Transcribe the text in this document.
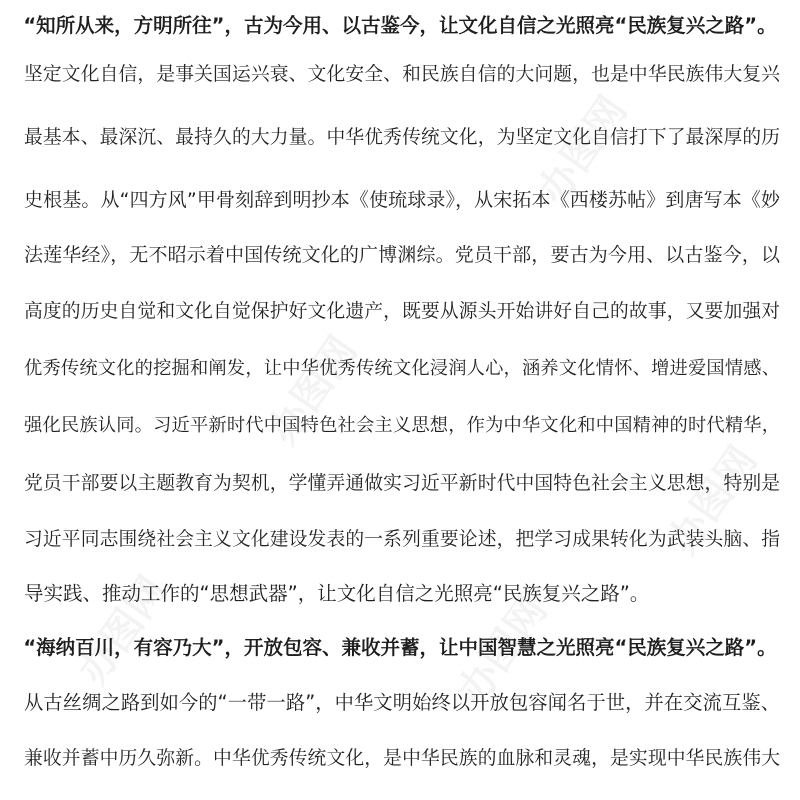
办图网
办图网
办图网
办图网	办图网
“知所从来，方明所往”，古为今用、以古鉴今，让文化自信之光照亮“民族复兴之路”。
坚定文化自信，是事关国运兴衰、文化安全、和民族自信的大问题，也是中华民族伟大复兴
最基本、最深沉、最持久的大力量。中华优秀传统文化，为坚定文化自信打下了最深厚的历
史根基。从“四方风”甲骨刻辞到明抄本《使琉球录》，从宋拓本《西楼苏帖》到唐写本《妙
法莲华经》，无不昭示着中国传统文化的广博渊综。党员干部，要古为今用、以古鉴今，以
高度的历史自觉和文化自觉保护好文化遗产，既要从源头开始讲好自己的故事，又要加强对
优秀传统文化的挖掘和阐发，让中华优秀传统文化浸润人心，涵养文化情怀、增进爱国情感、
强化民族认同。习近平新时代中国特色社会主义思想，作为中华文化和中国精神的时代精华，
党员干部要以主题教育为契机，学懂弄通做实习近平新时代中国特色社会主义思想，特别是
习近平同志围绕社会主义文化建设发表的一系列重要论述，把学习成果转化为武装头脑、指
导实践、推动工作的“思想武器”，让文化自信之光照亮“民族复兴之路”。
“海纳百川，有容乃大”，开放包容、兼收并蓄，让中国智慧之光照亮“民族复兴之路”。
从古丝绸之路到如今的“一带一路”，中华文明始终以开放包容闻名于世，并在交流互鉴、
兼收并蓄中历久弥新。中华优秀传统文化，是中华民族的血脉和灵魂，是实现中华民族伟大
